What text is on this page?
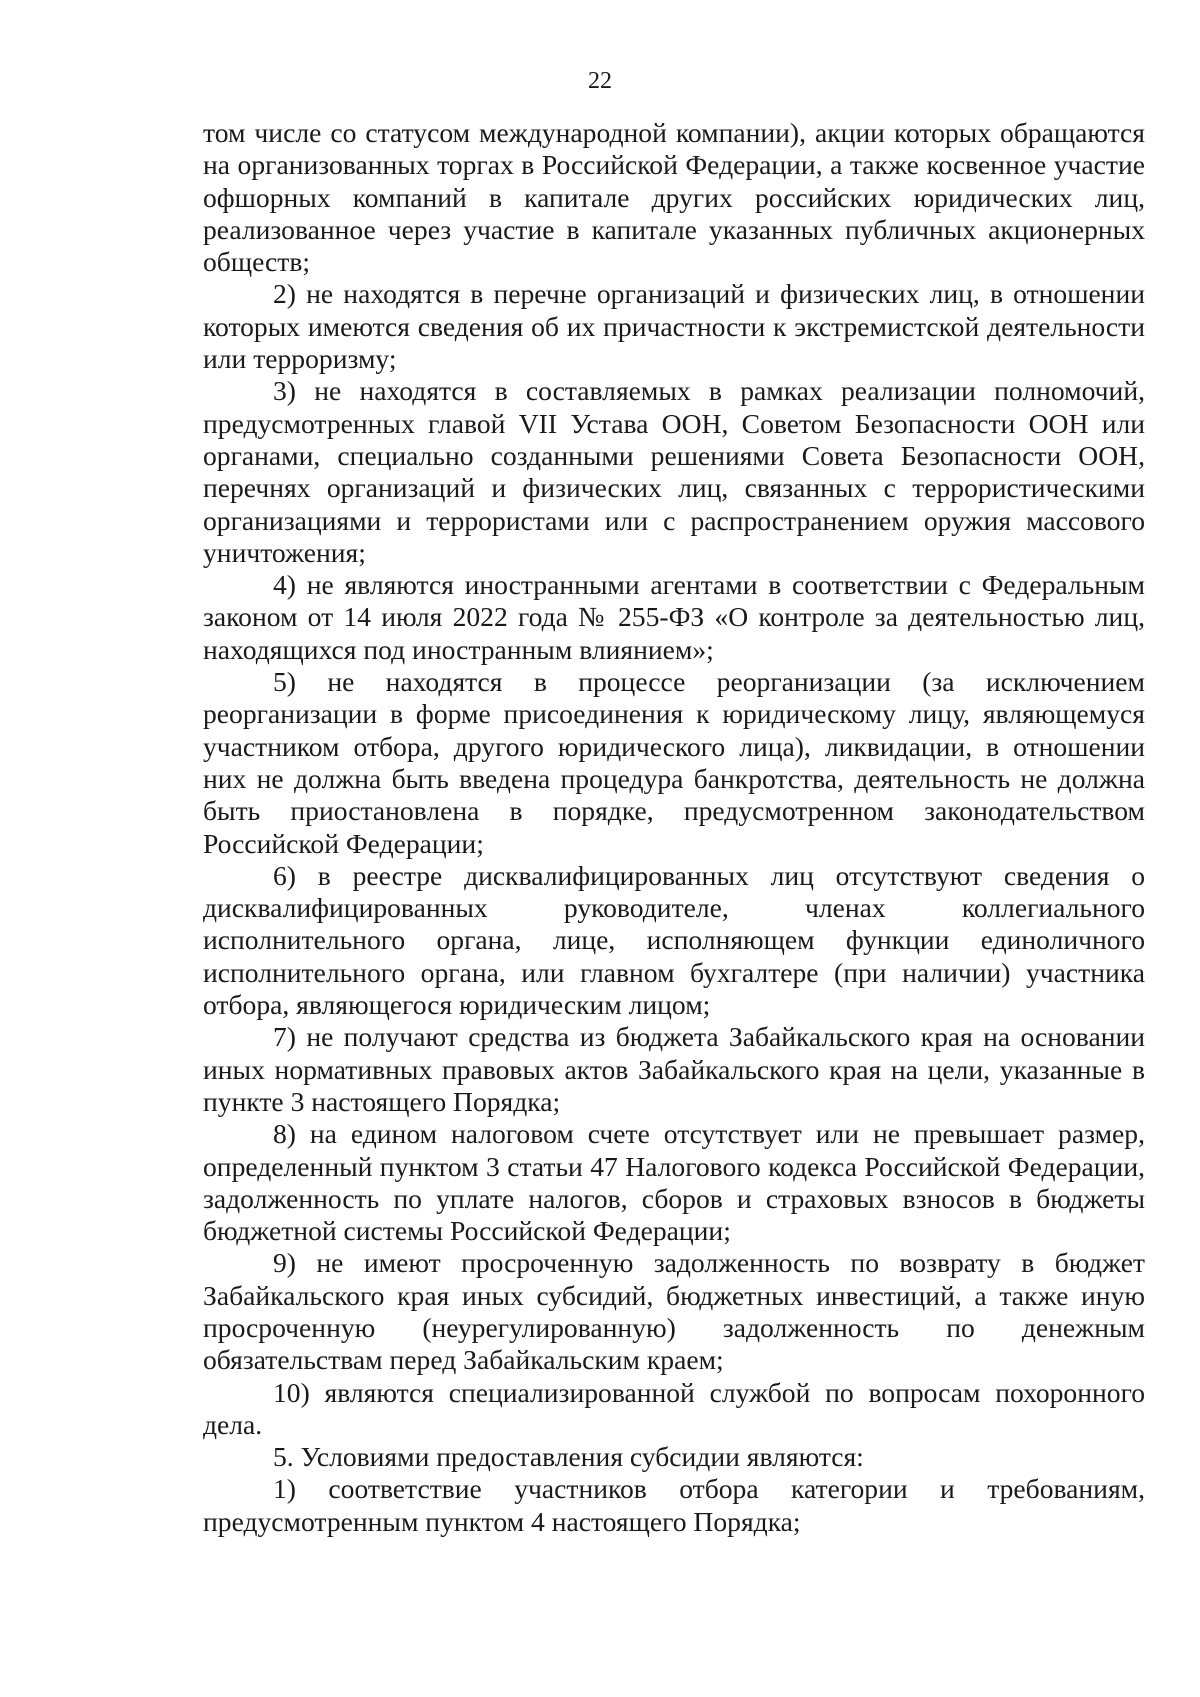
22

том числе со статусом международной компании), акции которых обращаются на организованных торгах в Российской Федерации, а также косвенное участие офшорных компаний в капитале других российских юридических лиц, реализованное через участие в капитале указанных публичных акционерных обществ;

2) не находятся в перечне организаций и физических лиц, в отношении которых имеются сведения об их причастности к экстремистской деятельности или терроризму;

3) не находятся в составляемых в рамках реализации полномочий, предусмотренных главой VII Устава ООН, Советом Безопасности ООН или органами, специально созданными решениями Совета Безопасности ООН, перечнях организаций и физических лиц, связанных с террористическими организациями и террористами или с распространением оружия массового уничтожения;

4) не являются иностранными агентами в соответствии с Федеральным законом от 14 июля 2022 года № 255-ФЗ «О контроле за деятельностью лиц, находящихся под иностранным влиянием»;

5) не находятся в процессе реорганизации (за исключением реорганизации в форме присоединения к юридическому лицу, являющемуся участником отбора, другого юридического лица), ликвидации, в отношении них не должна быть введена процедура банкротства, деятельность не должна быть приостановлена в порядке, предусмотренном законодательством Российской Федерации;

6) в реестре дисквалифицированных лиц отсутствуют сведения о дисквалифицированных руководителе, членах коллегиального исполнительного органа, лице, исполняющем функции единоличного исполнительного органа, или главном бухгалтере (при наличии) участника отбора, являющегося юридическим лицом;

7) не получают средства из бюджета Забайкальского края на основании иных нормативных правовых актов Забайкальского края на цели, указанные в пункте 3 настоящего Порядка;

8) на едином налоговом счете отсутствует или не превышает размер, определенный пунктом 3 статьи 47 Налогового кодекса Российской Федерации, задолженность по уплате налогов, сборов и страховых взносов в бюджеты бюджетной системы Российской Федерации;

9) не имеют просроченную задолженность по возврату в бюджет Забайкальского края иных субсидий, бюджетных инвестиций, а также иную просроченную (неурегулированную) задолженность по денежным обязательствам перед Забайкальским краем;

10) являются специализированной службой по вопросам похоронного дела.

5. Условиями предоставления субсидии являются:

1) соответствие участников отбора категории и требованиям, предусмотренным пунктом 4 настоящего Порядка;
